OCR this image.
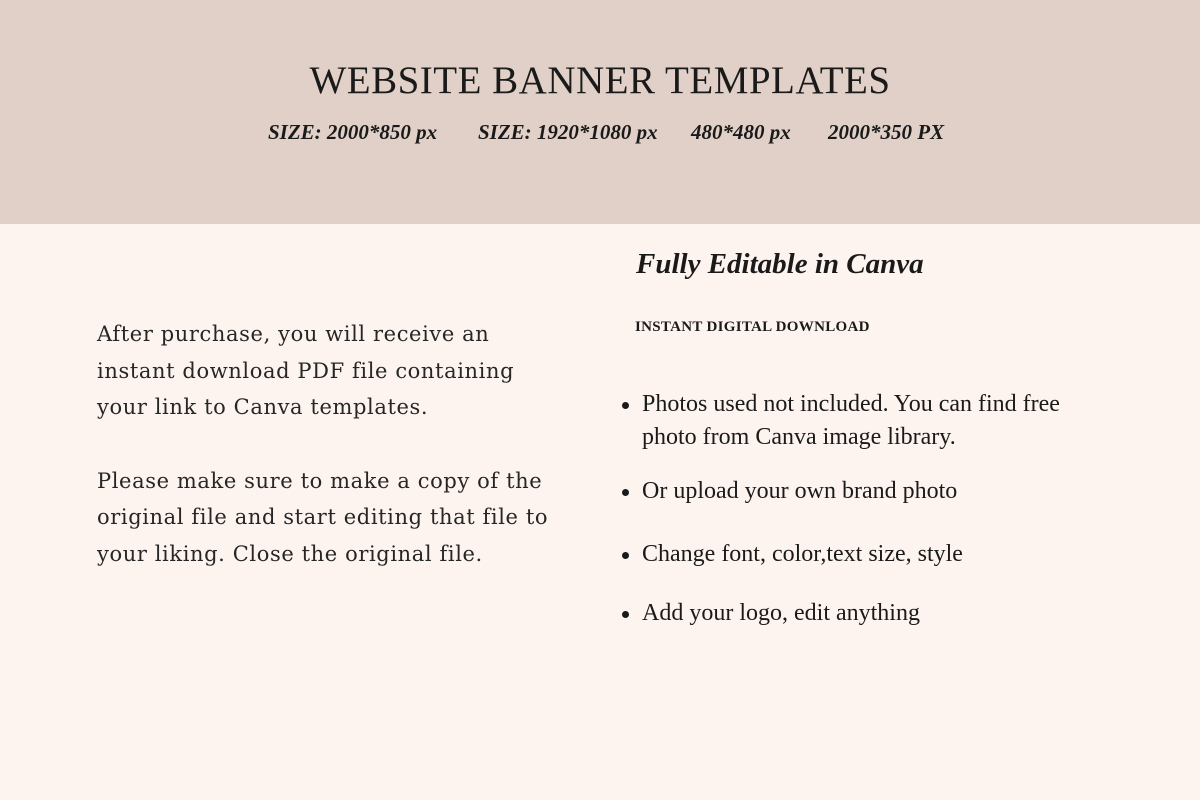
WEBSITE BANNER TEMPLATES
SIZE: 2000*850 px SIZE: 1920*1080 px 480*480 px 2000*350 PX

After purchase, you will receive an instant download PDF file containing your link to Canva templates.

Please make sure to make a copy of the original file and start editing that file to your liking. Close the original file.

Fully Editable in Canva
INSTANT DIGITAL DOWNLOAD
Photos used not included. You can find free photo from Canva image library.
Or upload your own brand photo
Change font, color,text size, style
Add your logo, edit anything
